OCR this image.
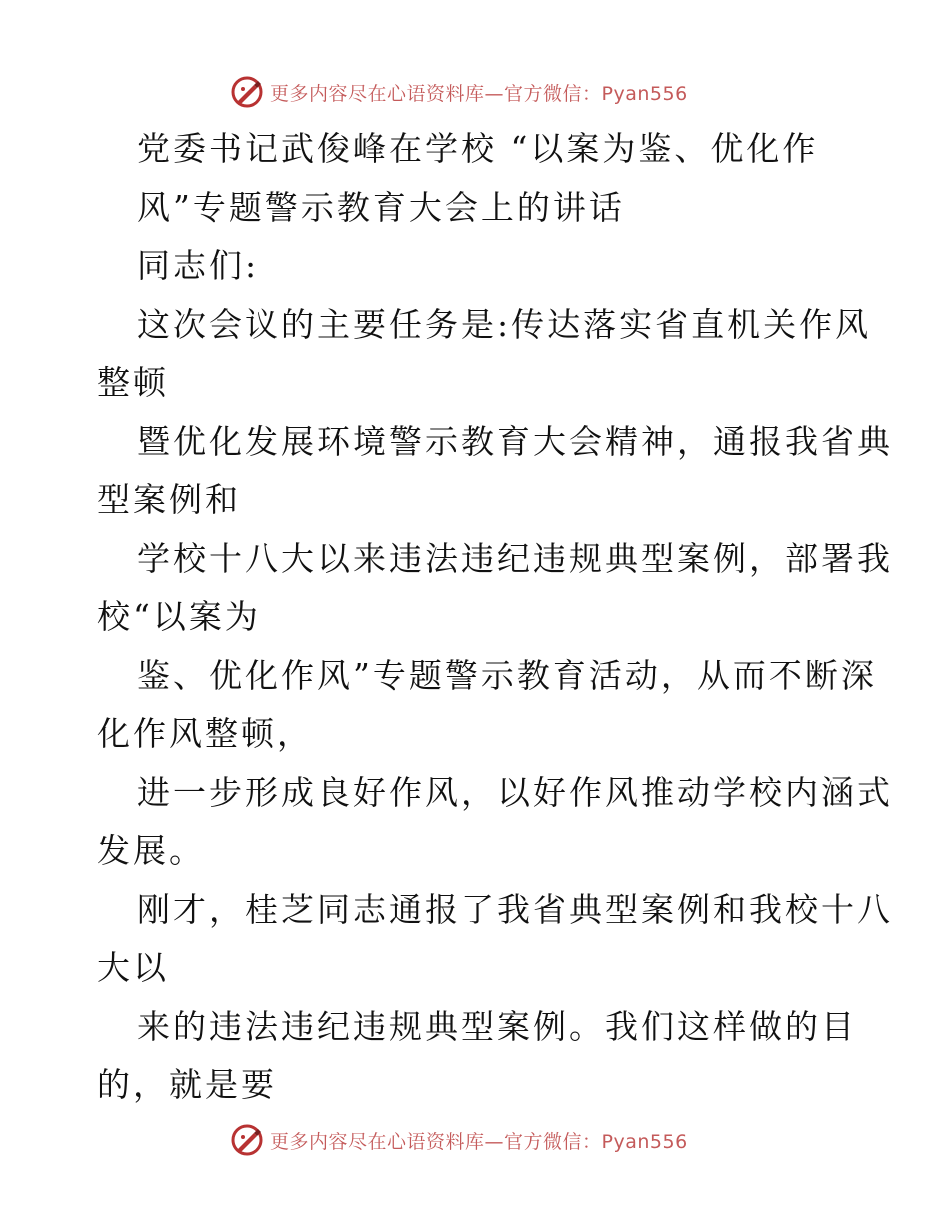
更多内容尽在心语资料库—官方微信：Pyan556
党委书记武俊峰在学校 “以案为鉴、优化作
风”专题警示教育大会上的讲话
同志们:
这次会议的主要任务是:传达落实省直机关作风
整顿
暨优化发展环境警示教育大会精神，通报我省典
型案例和
学校十八大以来违法违纪违规典型案例，部署我
校“以案为
鉴、优化作风”专题警示教育活动，从而不断深
化作风整顿，
进一步形成良好作风，以好作风推动学校内涵式
发展。
刚才，桂芝同志通报了我省典型案例和我校十八
大以
来的违法违纪违规典型案例。我们这样做的目
的，就是要
更多内容尽在心语资料库—官方微信：Pyan556
